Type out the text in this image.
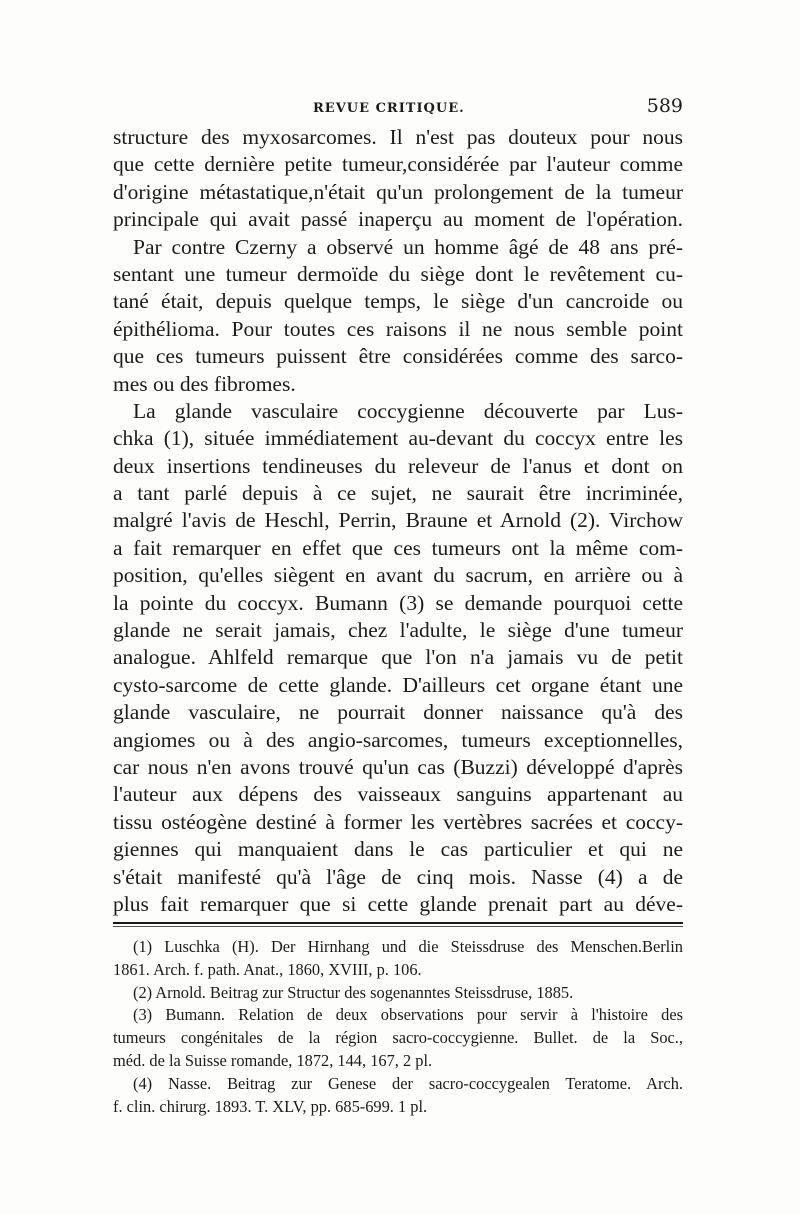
REVUE CRITIQUE.	589
structure des myxosarcomes. Il n'est pas douteux pour nous
que cette dernière petite tumeur,considérée par l'auteur comme
d'origine métastatique,n'était qu'un prolongement de la tumeur
principale qui avait passé inaperçu au moment de l'opération.
Par contre Czerny a observé un homme âgé de 48 ans pré-
sentant une tumeur dermoïde du siège dont le revêtement cu-
tané était, depuis quelque temps, le siège d'un cancroide ou
épithélioma. Pour toutes ces raisons il ne nous semble point
que ces tumeurs puissent être considérées comme des sarco-
mes ou des fibromes.
La glande vasculaire coccygienne découverte par Lus-
chka (1), située immédiatement au-devant du coccyx entre les
deux insertions tendineuses du releveur de l'anus et dont on
a tant parlé depuis à ce sujet, ne saurait être incriminée,
malgré l'avis de Heschl, Perrin, Braune et Arnold (2). Virchow
a fait remarquer en effet que ces tumeurs ont la même com-
position, qu'elles siègent en avant du sacrum, en arrière ou à
la pointe du coccyx. Bumann (3) se demande pourquoi cette
glande ne serait jamais, chez l'adulte, le siège d'une tumeur
analogue. Ahlfeld remarque que l'on n'a jamais vu de petit
cysto-sarcome de cette glande. D'ailleurs cet organe étant une
glande vasculaire, ne pourrait donner naissance qu'à des
angiomes ou à des angio-sarcomes, tumeurs exceptionnelles,
car nous n'en avons trouvé qu'un cas (Buzzi) développé d'après
l'auteur aux dépens des vaisseaux sanguins appartenant au
tissu ostéogène destiné à former les vertèbres sacrées et coccy-
giennes qui manquaient dans le cas particulier et qui ne
s'était manifesté qu'à l'âge de cinq mois. Nasse (4) a de
plus fait remarquer que si cette glande prenait part au déve-
(1) Luschka (H). Der Hirnhang und die Steissdruse des Menschen.Berlin
1861. Arch. f. path. Anat., 1860, XVIII, p. 106.
(2) Arnold. Beitrag zur Structur des sogenanntes Steissdruse, 1885.
(3) Bumann. Relation de deux observations pour servir à l'histoire des
tumeurs congénitales de la région sacro-coccygienne. Bullet. de la Soc.,
méd. de la Suisse romande, 1872, 144, 167, 2 pl.
(4) Nasse. Beitrag zur Genese der sacro-coccygealen Teratome. Arch.
f. clin. chirurg. 1893. T. XLV, pp. 685-699. 1 pl.
